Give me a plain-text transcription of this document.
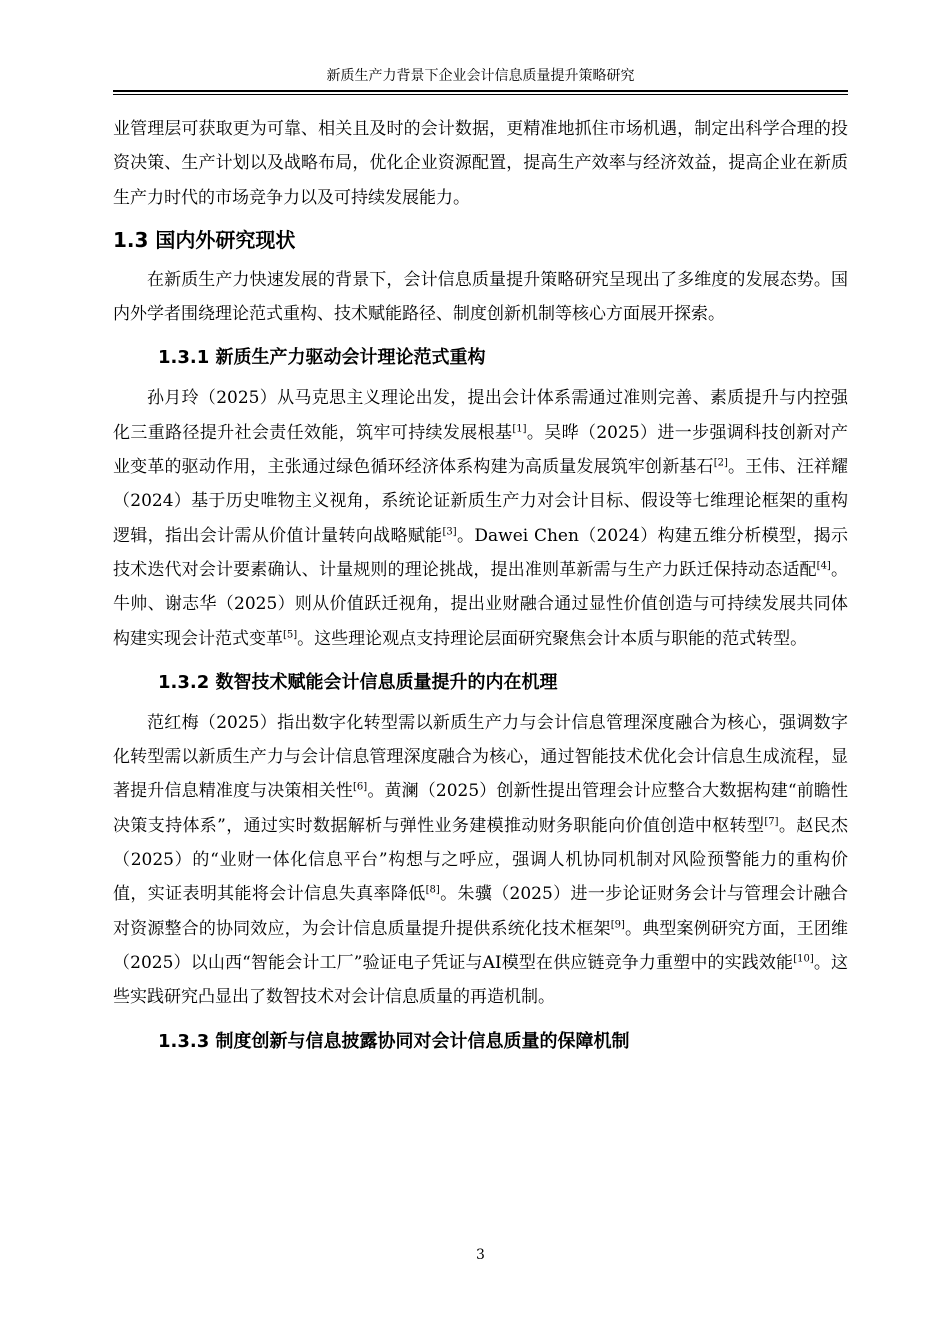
新质生产力背景下企业会计信息质量提升策略研究

业管理层可获取更为可靠、相关且及时的会计数据，更精准地抓住市场机遇，制定出科学合理的投资决策、生产计划以及战略布局，优化企业资源配置，提高生产效率与经济效益，提高企业在新质生产力时代的市场竞争力以及可持续发展能力。

1.3 国内外研究现状

在新质生产力快速发展的背景下，会计信息质量提升策略研究呈现出了多维度的发展态势。国内外学者围绕理论范式重构、技术赋能路径、制度创新机制等核心方面展开探索。

1.3.1 新质生产力驱动会计理论范式重构

孙月玲（2025）从马克思主义理论出发，提出会计体系需通过准则完善、素质提升与内控强化三重路径提升社会责任效能，筑牢可持续发展根基[1]。吴晔（2025）进一步强调科技创新对产业变革的驱动作用，主张通过绿色循环经济体系构建为高质量发展筑牢创新基石[2]。王伟、汪祥耀（2024）基于历史唯物主义视角，系统论证新质生产力对会计目标、假设等七维理论框架的重构逻辑，指出会计需从价值计量转向战略赋能[3]。Dawei Chen（2024）构建五维分析模型，揭示技术迭代对会计要素确认、计量规则的理论挑战，提出准则革新需与生产力跃迁保持动态适配[4]。牛帅、谢志华（2025）则从价值跃迁视角，提出业财融合通过显性价值创造与可持续发展共同体构建实现会计范式变革[5]。这些理论观点支持理论层面研究聚焦会计本质与职能的范式转型。

1.3.2 数智技术赋能会计信息质量提升的内在机理

范红梅（2025）指出数字化转型需以新质生产力与会计信息管理深度融合为核心，强调数字化转型需以新质生产力与会计信息管理深度融合为核心，通过智能技术优化会计信息生成流程，显著提升信息精准度与决策相关性[6]。黄澜（2025）创新性提出管理会计应整合大数据构建“前瞻性决策支持体系”，通过实时数据解析与弹性业务建模推动财务职能向价值创造中枢转型[7]。赵民杰（2025）的“业财一体化信息平台”构想与之呼应，强调人机协同机制对风险预警能力的重构价值，实证表明其能将会计信息失真率降低[8]。朱骥（2025）进一步论证财务会计与管理会计融合对资源整合的协同效应，为会计信息质量提升提供系统化技术框架[9]。典型案例研究方面，王团维（2025）以山西“智能会计工厂”验证电子凭证与AI模型在供应链竞争力重塑中的实践效能[10]。这些实践研究凸显出了数智技术对会计信息质量的再造机制。

1.3.3 制度创新与信息披露协同对会计信息质量的保障机制
3
